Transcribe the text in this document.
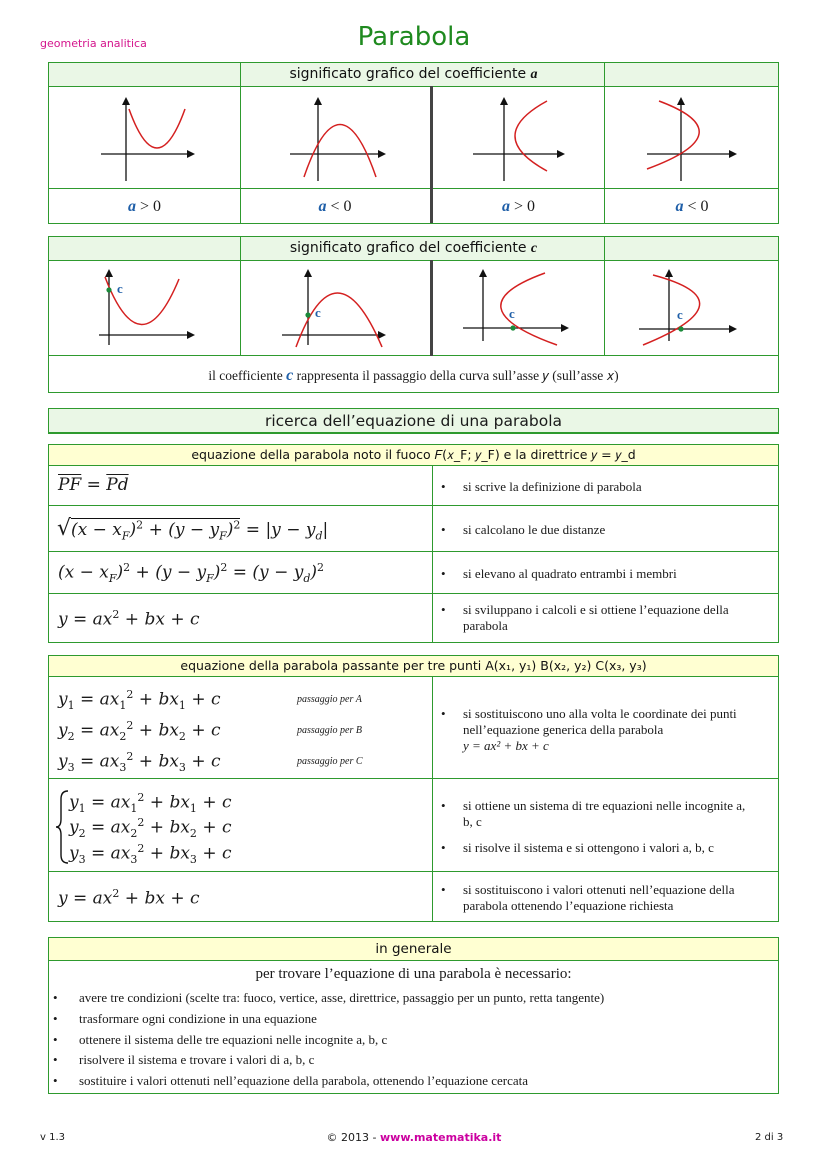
geometria analitica	Parabola
significato grafico del coefficiente a
a > 0	a < 0	a > 0	a < 0
significato grafico del coefficiente c
c
c	c	c
il coefficiente c rappresenta il passaggio della curva sull’asse 𝑦 (sull’asse 𝑥)
ricerca dell’equazione di una parabola
equazione della parabola noto il fuoco 𝐹(𝑥_F; 𝑦_F) e la direttrice 𝑦 = 𝑦_d
$\overline{PF} = \overline{Pd}$	• si scrive la definizione di parabola
$√(x - x_F)^2 + (y - y_F)^2 = |y - y_d|$	• si calcolano le due distanze
$(x - x_F)^2 + (y - y_F)^2 = (y - y_d)^2$	• si elevano al quadrato entrambi i membri
$y = ax^2$ + bx + c
• si sviluppano i calcoli e si ottiene l’equazione della parabola
equazione della parabola passante per tre punti A(x₁, y₁) B(x₂, y₂) C(x₃, y₃)
$y_1 = ax_1^2 + bx_1 + c$	passaggio per A
$y_2 = ax_2^2 + bx_2 + c$	passaggio per B
$y_3 = ax_3^2 + bx_3 + c$	passaggio per C
• si sostituiscono uno alla volta le coordinate dei punti nell’equazione generica della parabola
y = ax² + bx + c
$y_1 = ax_1^2 + bx_1 + c$
$y_2 = ax_2^2 + bx_2 + c$
$y_3 = ax_3^2 + bx_3 + c$
• si ottiene un sistema di tre equazioni nelle incognite a, b, c
• si risolve il sistema e si ottengono i valori a, b, c
$y = ax^2$ + bx + c	• si sostituiscono i valori ottenuti nell’equazione della parabola ottenendo l’equazione richiesta
in generale
per trovare l’equazione di una parabola è necessario:
• avere tre condizioni (scelte tra: fuoco, vertice, asse, direttrice, passaggio per un punto, retta tangente)
• trasformare ogni condizione in una equazione
• ottenere il sistema delle tre equazioni nelle incognite a, b, c
• risolvere il sistema e trovare i valori di a, b, c
• sostituire i valori ottenuti nell’equazione della parabola, ottenendo l’equazione cercata
v 1.3	© 2013 - www.matematika.it	2 di 3
